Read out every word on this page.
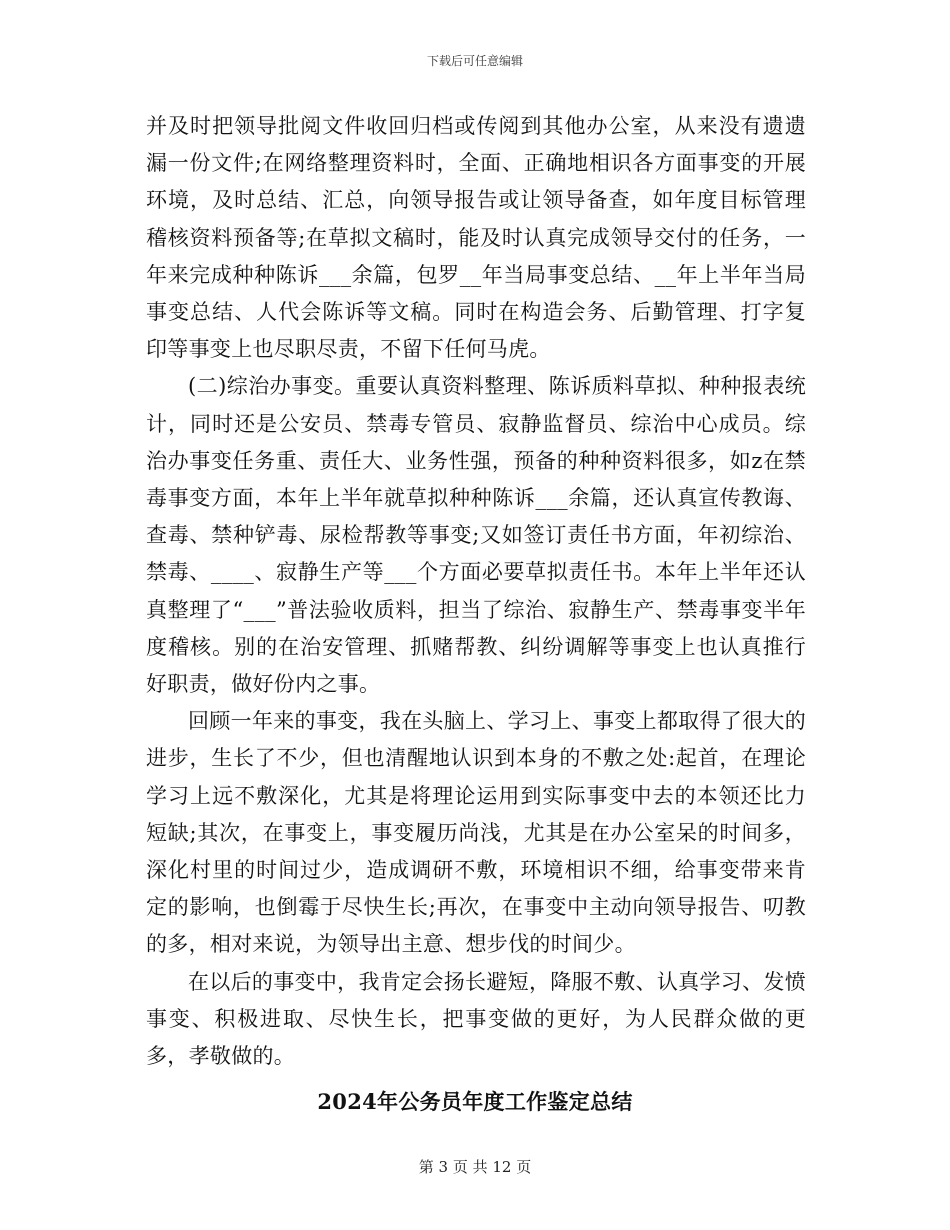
下载后可任意编辑

并及时把领导批阅文件收回归档或传阅到其他办公室，从来没有遗遗漏一份文件;在网络整理资料时，全面、正确地相识各方面事变的开展环境，及时总结、汇总，向领导报告或让领导备查，如年度目标管理稽核资料预备等;在草拟文稿时，能及时认真完成领导交付的任务，一年来完成种种陈诉___余篇，包罗__年当局事变总结、__年上半年当局事变总结、人代会陈诉等文稿。同时在构造会务、后勤管理、打字复印等事变上也尽职尽责，不留下任何马虎。

(二)综治办事变。重要认真资料整理、陈诉质料草拟、种种报表统计，同时还是公安员、禁毒专管员、寂静监督员、综治中心成员。综治办事变任务重、责任大、业务性强，预备的种种资料很多，如z在禁毒事变方面，本年上半年就草拟种种陈诉___余篇，还认真宣传教诲、查毒、禁种铲毒、尿检帮教等事变;又如签订责任书方面，年初综治、禁毒、____、寂静生产等___个方面必要草拟责任书。本年上半年还认真整理了“___”普法验收质料，担当了综治、寂静生产、禁毒事变半年度稽核。别的在治安管理、抓赌帮教、纠纷调解等事变上也认真推行好职责，做好份内之事。

回顾一年来的事变，我在头脑上、学习上、事变上都取得了很大的进步，生长了不少，但也清醒地认识到本身的不敷之处:起首，在理论学习上远不敷深化，尤其是将理论运用到实际事变中去的本领还比力短缺;其次，在事变上，事变履历尚浅，尤其是在办公室呆的时间多，深化村里的时间过少，造成调研不敷，环境相识不细，给事变带来肯定的影响，也倒霉于尽快生长;再次，在事变中主动向领导报告、叨教的多，相对来说，为领导出主意、想步伐的时间少。

在以后的事变中，我肯定会扬长避短，降服不敷、认真学习、发愤事变、积极进取、尽快生长，把事变做的更好，为人民群众做的更多，孝敬做的。

2024年公务员年度工作鉴定总结
第 3 页 共 12 页
